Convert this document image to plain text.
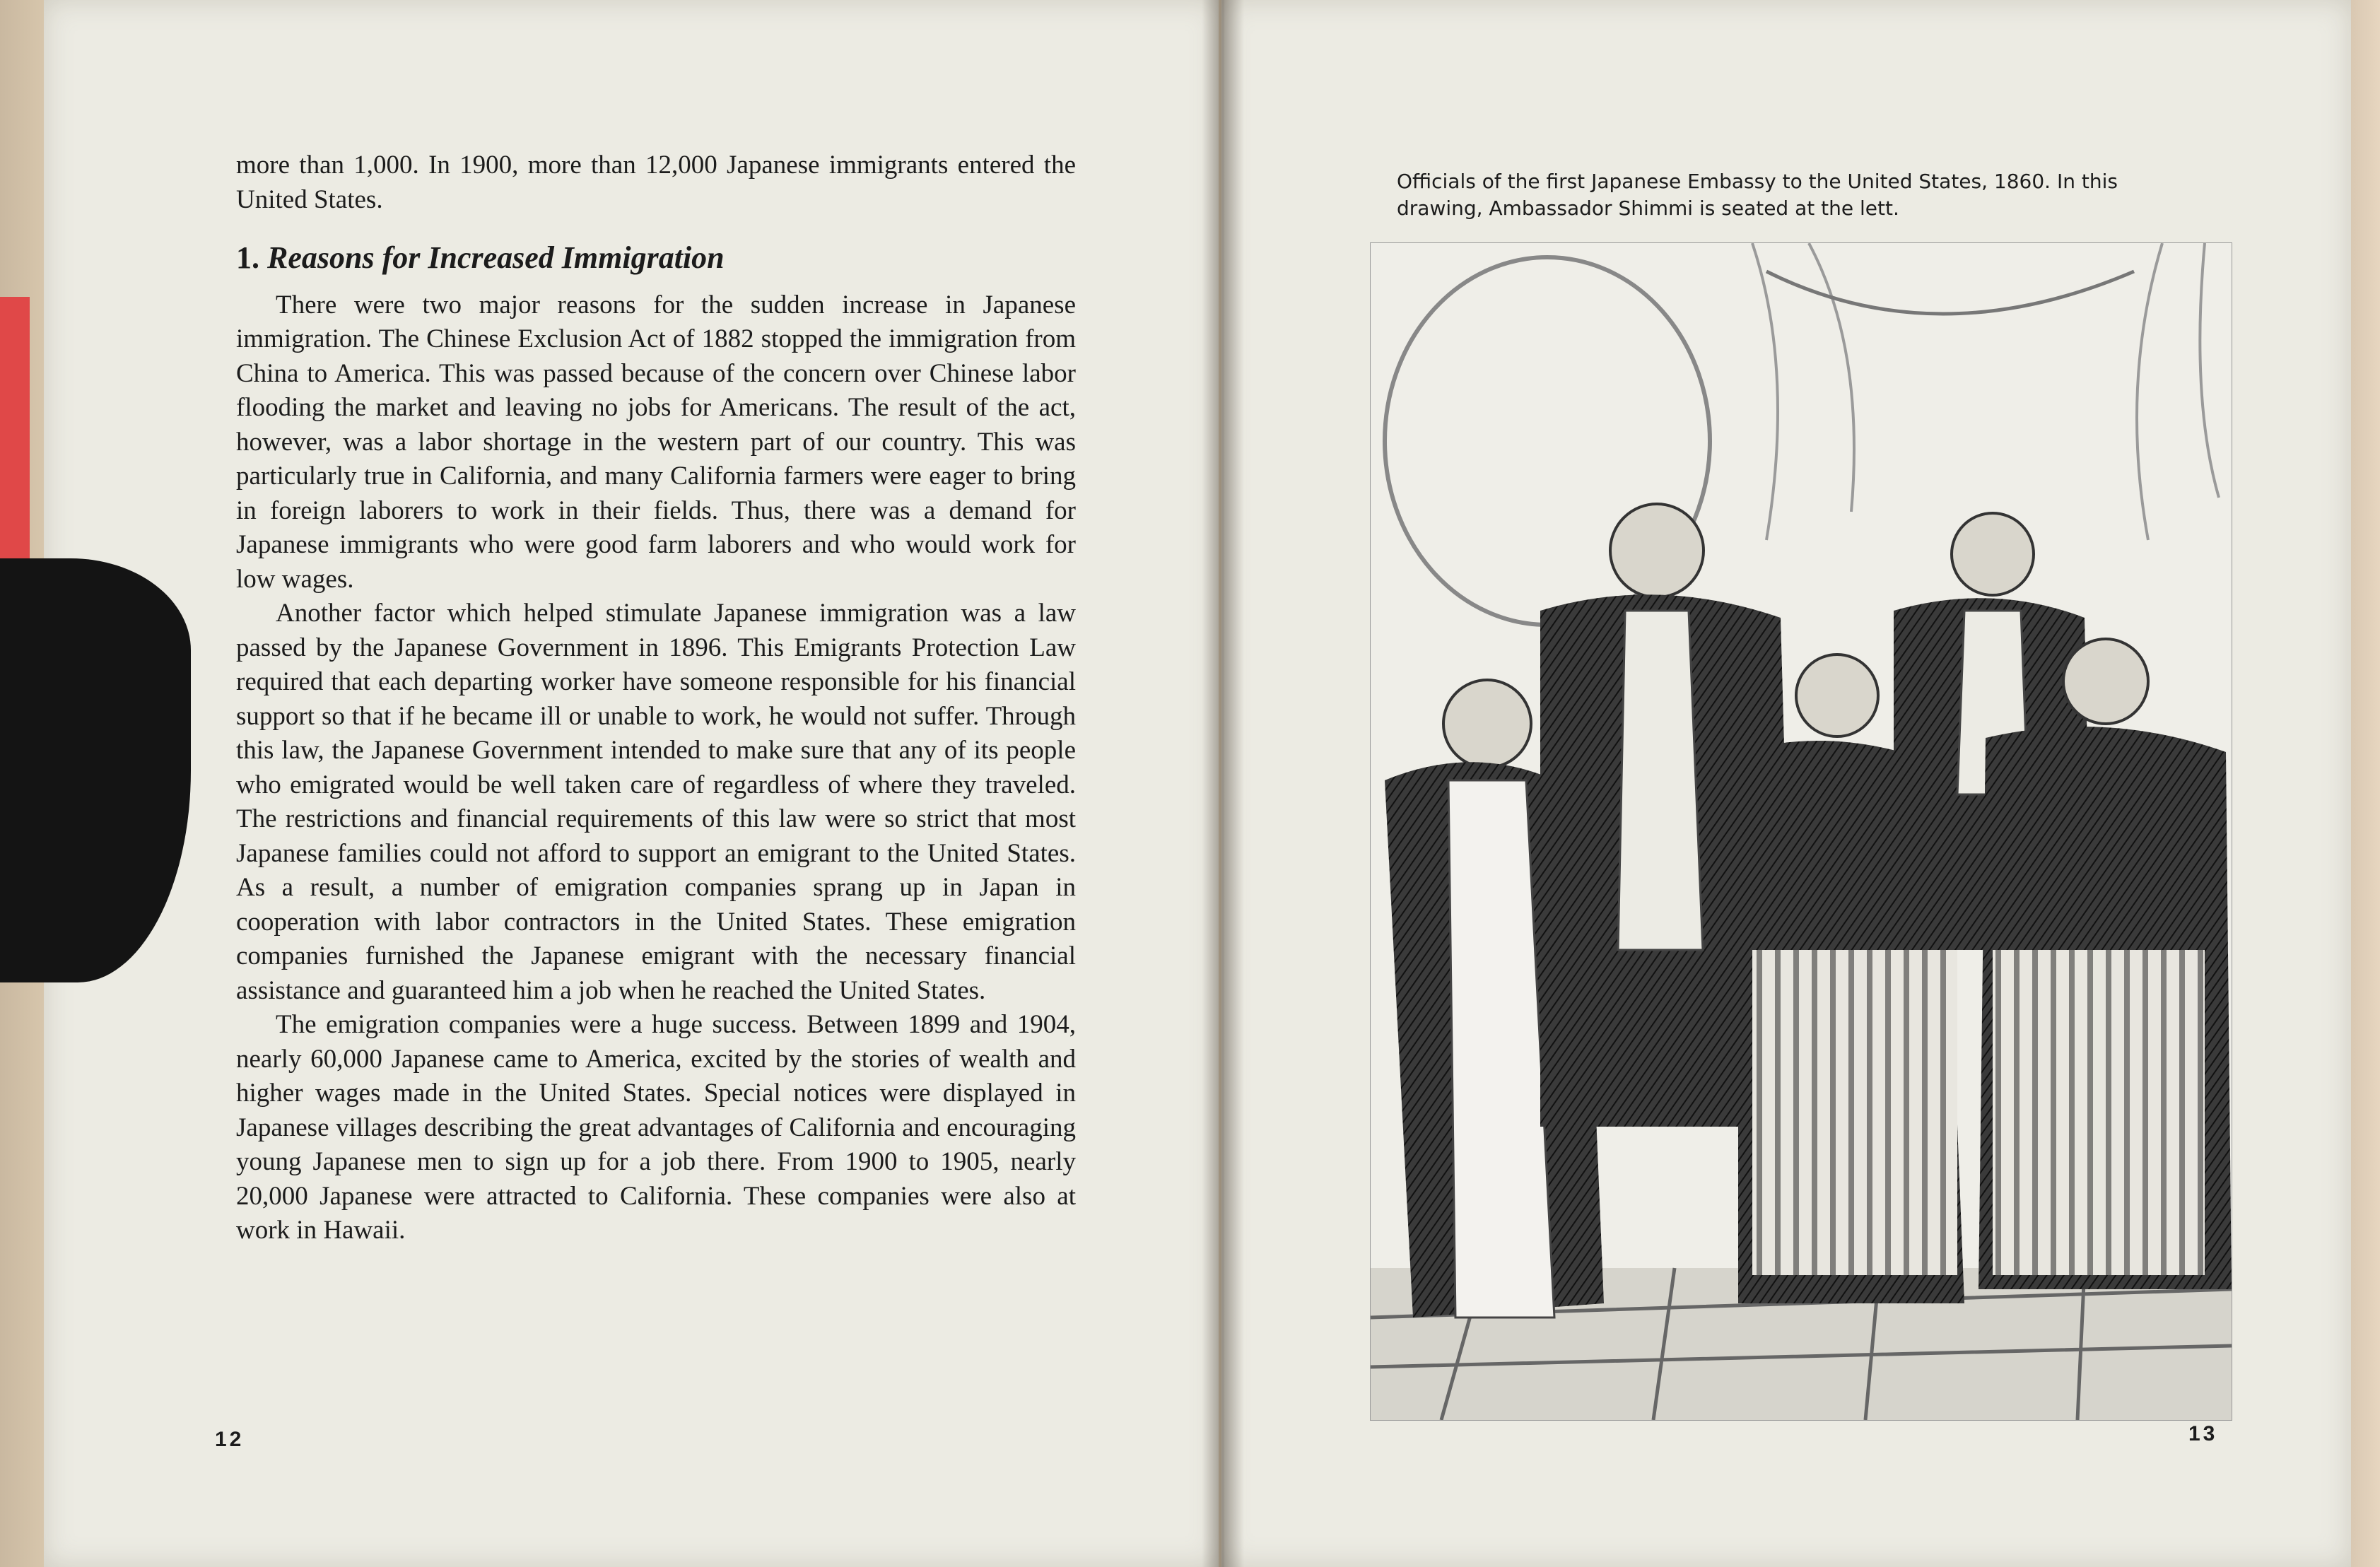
more than 1,000. In 1900, more than 12,000 Japanese immigrants entered the United States.

1. Reasons for Increased Immigration

There were two major reasons for the sudden increase in Japanese immigration. The Chinese Exclusion Act of 1882 stopped the immigration from China to America. This was passed because of the concern over Chinese labor flooding the market and leaving no jobs for Americans. The result of the act, however, was a labor shortage in the western part of our country. This was particularly true in California, and many California farmers were eager to bring in foreign laborers to work in their fields. Thus, there was a demand for Japanese immigrants who were good farm laborers and who would work for low wages.

Another factor which helped stimulate Japanese immigration was a law passed by the Japanese Government in 1896. This Emigrants Protection Law required that each departing worker have someone responsible for his financial support so that if he became ill or unable to work, he would not suffer. Through this law, the Japanese Government intended to make sure that any of its people who emigrated would be well taken care of regardless of where they traveled. The restrictions and financial requirements of this law were so strict that most Japanese families could not afford to support an emigrant to the United States. As a result, a number of emigration companies sprang up in Japan in cooperation with labor contractors in the United States. These emigration companies furnished the Japanese emigrant with the necessary financial assistance and guaranteed him a job when he reached the United States.

The emigration companies were a huge success. Between 1899 and 1904, nearly 60,000 Japanese came to America, excited by the stories of wealth and higher wages made in the United States. Special notices were displayed in Japanese villages describing the great advantages of California and encouraging young Japanese men to sign up for a job there. From 1900 to 1905, nearly 20,000 Japanese were attracted to California. These companies were also at work in Hawaii.

12
Officials of the first Japanese Embassy to the United States, 1860. In this drawing, Ambassador Shimmi is seated at the lett.
13
